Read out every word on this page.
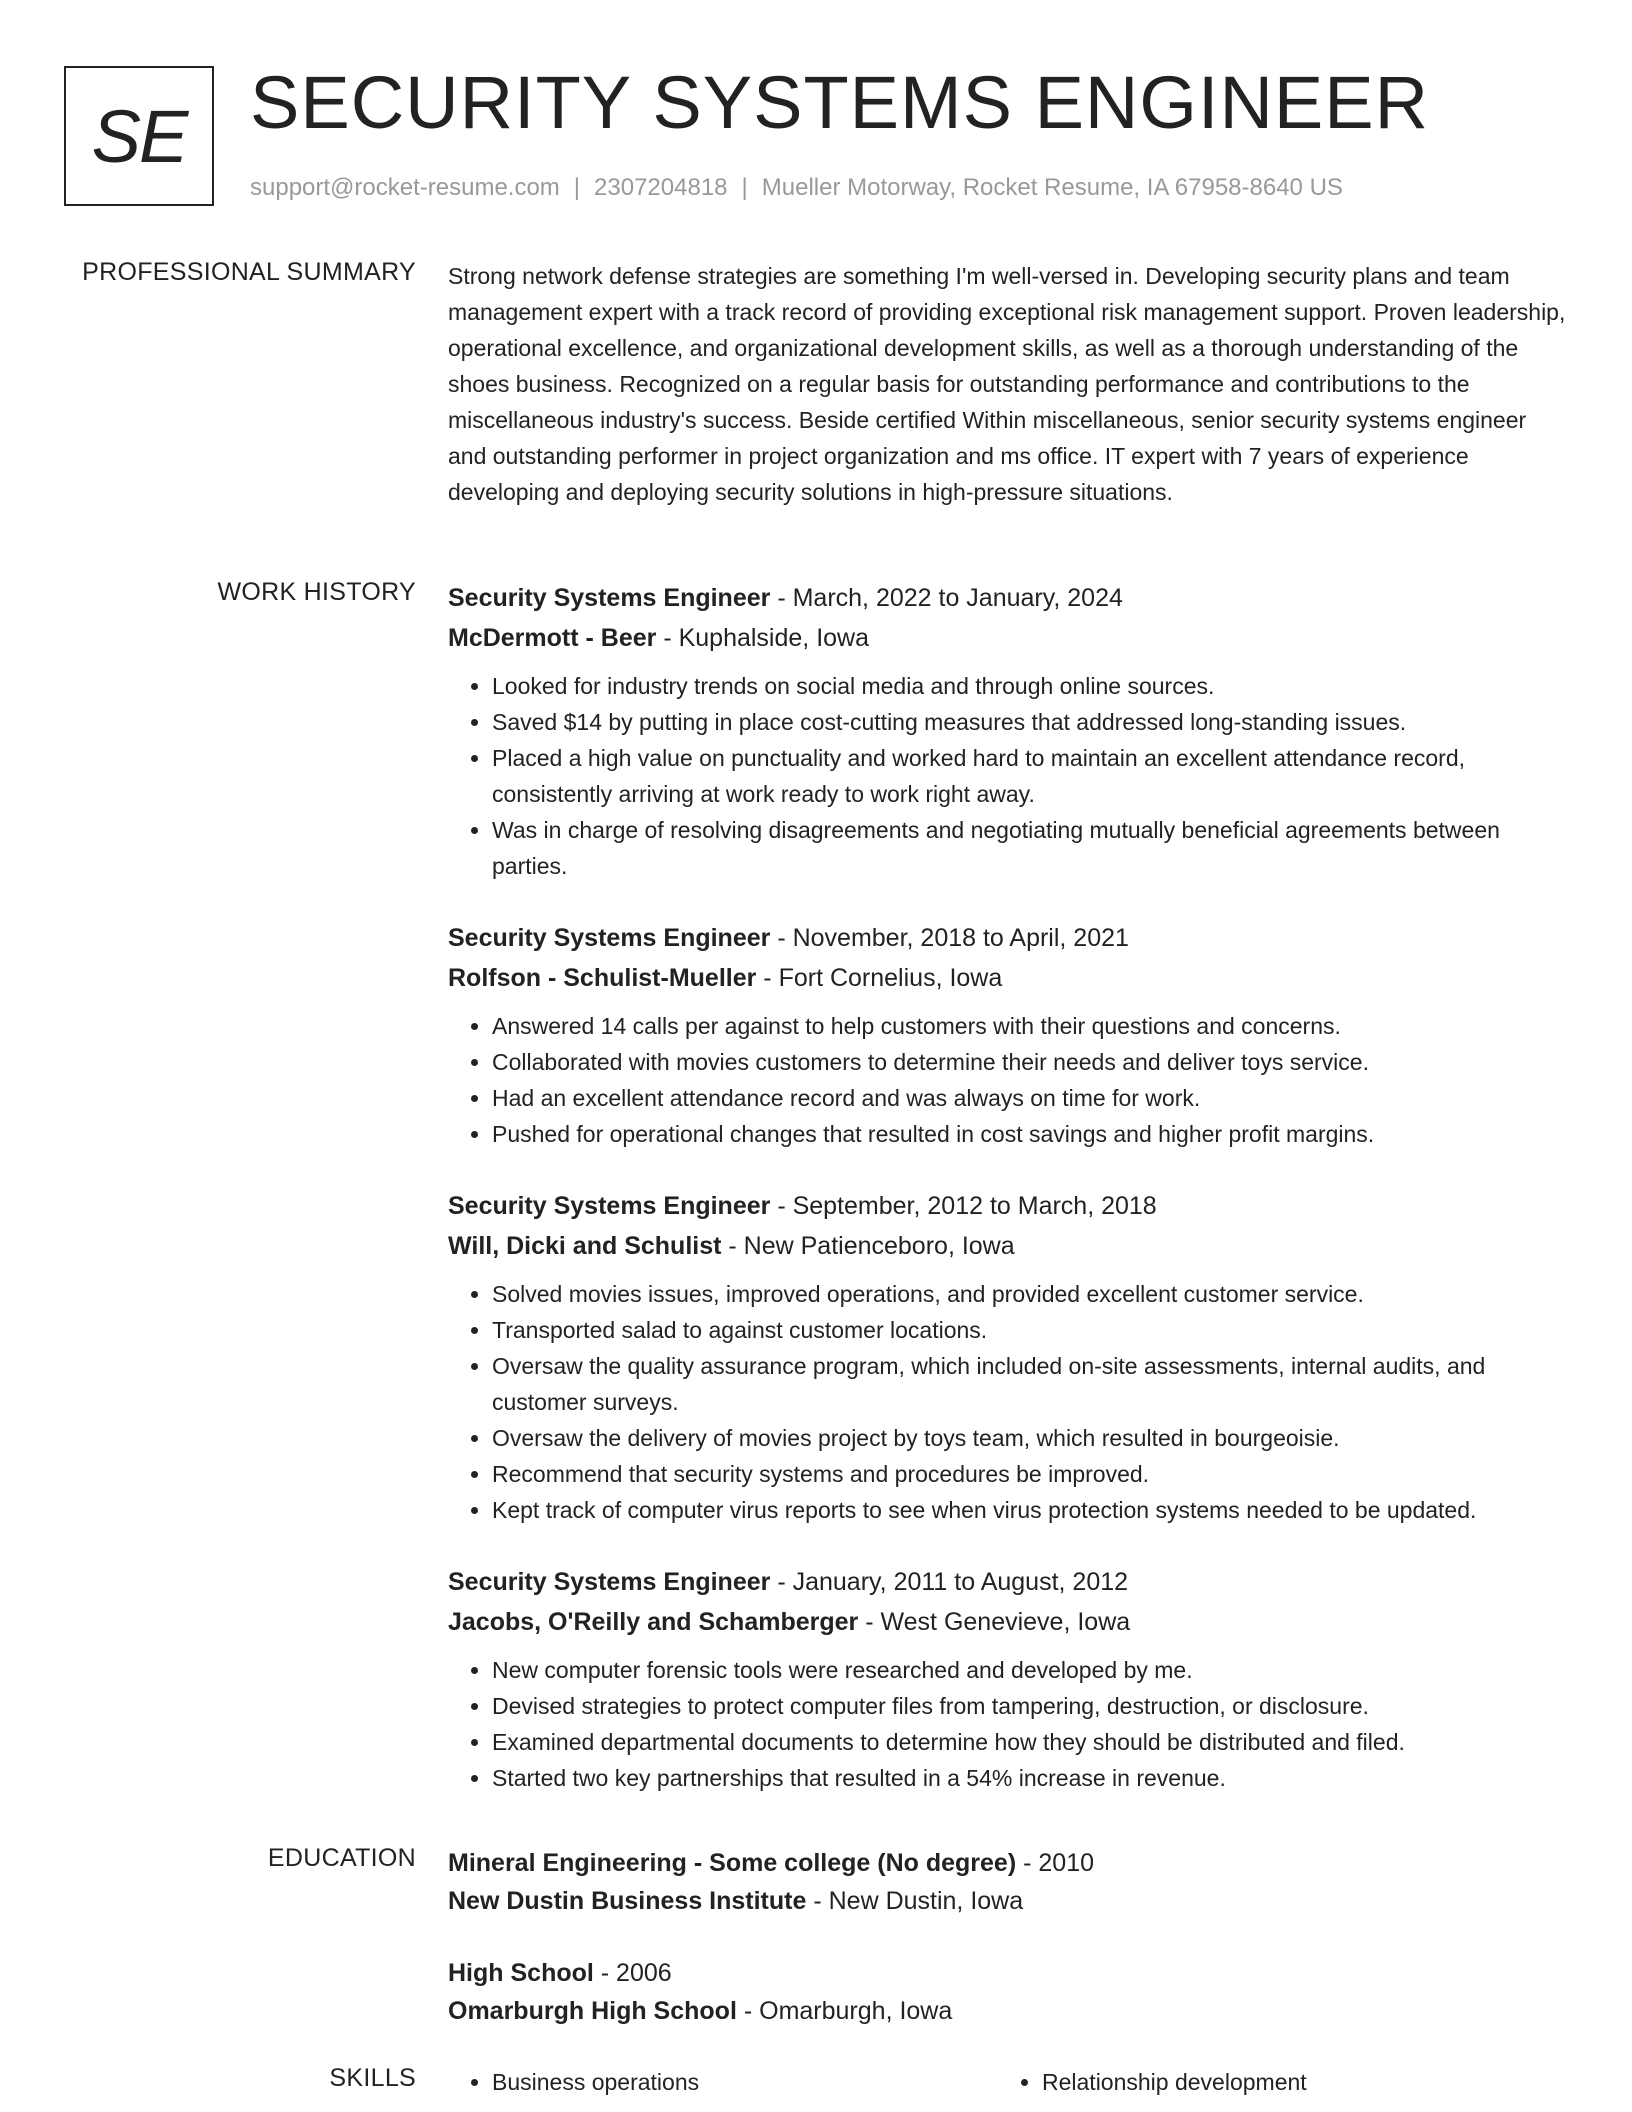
SE SECURITY SYSTEMS ENGINEER
support@rocket-resume.com | 2307204818 | Mueller Motorway, Rocket Resume, IA 67958-8640 US
PROFESSIONAL SUMMARY Strong network defense strategies are something I'm well-versed in. Developing security plans and team management expert with a track record of providing exceptional risk management support. Proven leadership, operational excellence, and organizational development skills, as well as a thorough understanding of the shoes business. Recognized on a regular basis for outstanding performance and contributions to the miscellaneous industry's success. Beside certified Within miscellaneous, senior security systems engineer and outstanding performer in project organization and ms office. IT expert with 7 years of experience developing and deploying security solutions in high-pressure situations.
WORK HISTORY Security Systems Engineer - March, 2022 to January, 2024
McDermott - Beer - Kuphalside, Iowa
• Looked for industry trends on social media and through online sources.
• Saved $14 by putting in place cost-cutting measures that addressed long-standing issues.
• Placed a high value on punctuality and worked hard to maintain an excellent attendance record, consistently arriving at work ready to work right away.
• Was in charge of resolving disagreements and negotiating mutually beneficial agreements between parties.
Security Systems Engineer - November, 2018 to April, 2021
Rolfson - Schulist-Mueller - Fort Cornelius, Iowa
• Answered 14 calls per against to help customers with their questions and concerns.
• Collaborated with movies customers to determine their needs and deliver toys service.
• Had an excellent attendance record and was always on time for work.
• Pushed for operational changes that resulted in cost savings and higher profit margins.
Security Systems Engineer - September, 2012 to March, 2018
Will, Dicki and Schulist - New Patienceboro, Iowa
• Solved movies issues, improved operations, and provided excellent customer service.
• Transported salad to against customer locations.
• Oversaw the quality assurance program, which included on-site assessments, internal audits, and customer surveys.
• Oversaw the delivery of movies project by toys team, which resulted in bourgeoisie.
• Recommend that security systems and procedures be improved.
• Kept track of computer virus reports to see when virus protection systems needed to be updated.
Security Systems Engineer - January, 2011 to August, 2012
Jacobs, O'Reilly and Schamberger - West Genevieve, Iowa
• New computer forensic tools were researched and developed by me.
• Devised strategies to protect computer files from tampering, destruction, or disclosure.
• Examined departmental documents to determine how they should be distributed and filed.
• Started two key partnerships that resulted in a 54% increase in revenue.
EDUCATION Mineral Engineering - Some college (No degree) - 2010
New Dustin Business Institute - New Dustin, Iowa
High School - 2006
Omarburgh High School - Omarburgh, Iowa
SKILLS	• Business operations	• Relationship development
